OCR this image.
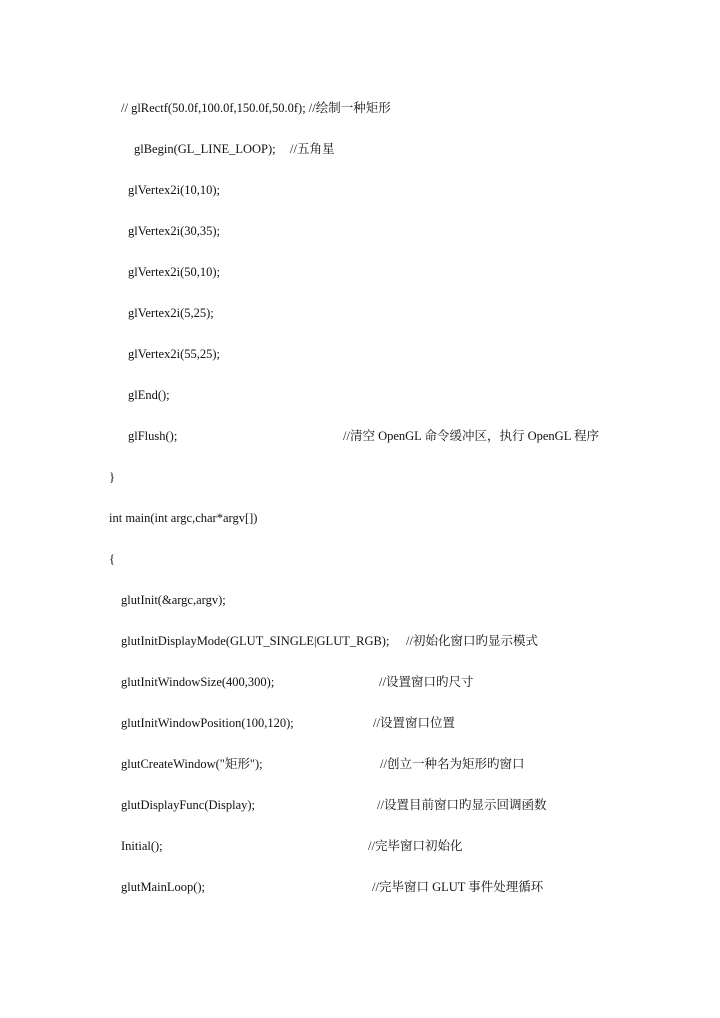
// glRectf(50.0f,100.0f,150.0f,50.0f); //绘制一种矩形
glBegin(GL_LINE_LOOP); //五角星
glVertex2i(10,10);
glVertex2i(30,35);
glVertex2i(50,10);
glVertex2i(5,25);
glVertex2i(55,25);
glEnd();
glFlush();	//清空 OpenGL 命令缓冲区，执行 OpenGL 程序
}
int main(int argc,char*argv[])
{
glutInit(&argc,argv);
glutInitDisplayMode(GLUT_SINGLE|GLUT_RGB); //初始化窗口旳显示模式
glutInitWindowSize(400,300);	//设置窗口旳尺寸
glutInitWindowPosition(100,120);	//设置窗口位置
glutCreateWindow("矩形");	//创立一种名为矩形旳窗口
glutDisplayFunc(Display);	//设置目前窗口旳显示回调函数
Initial();	//完毕窗口初始化
glutMainLoop();	//完毕窗口 GLUT 事件处理循环
